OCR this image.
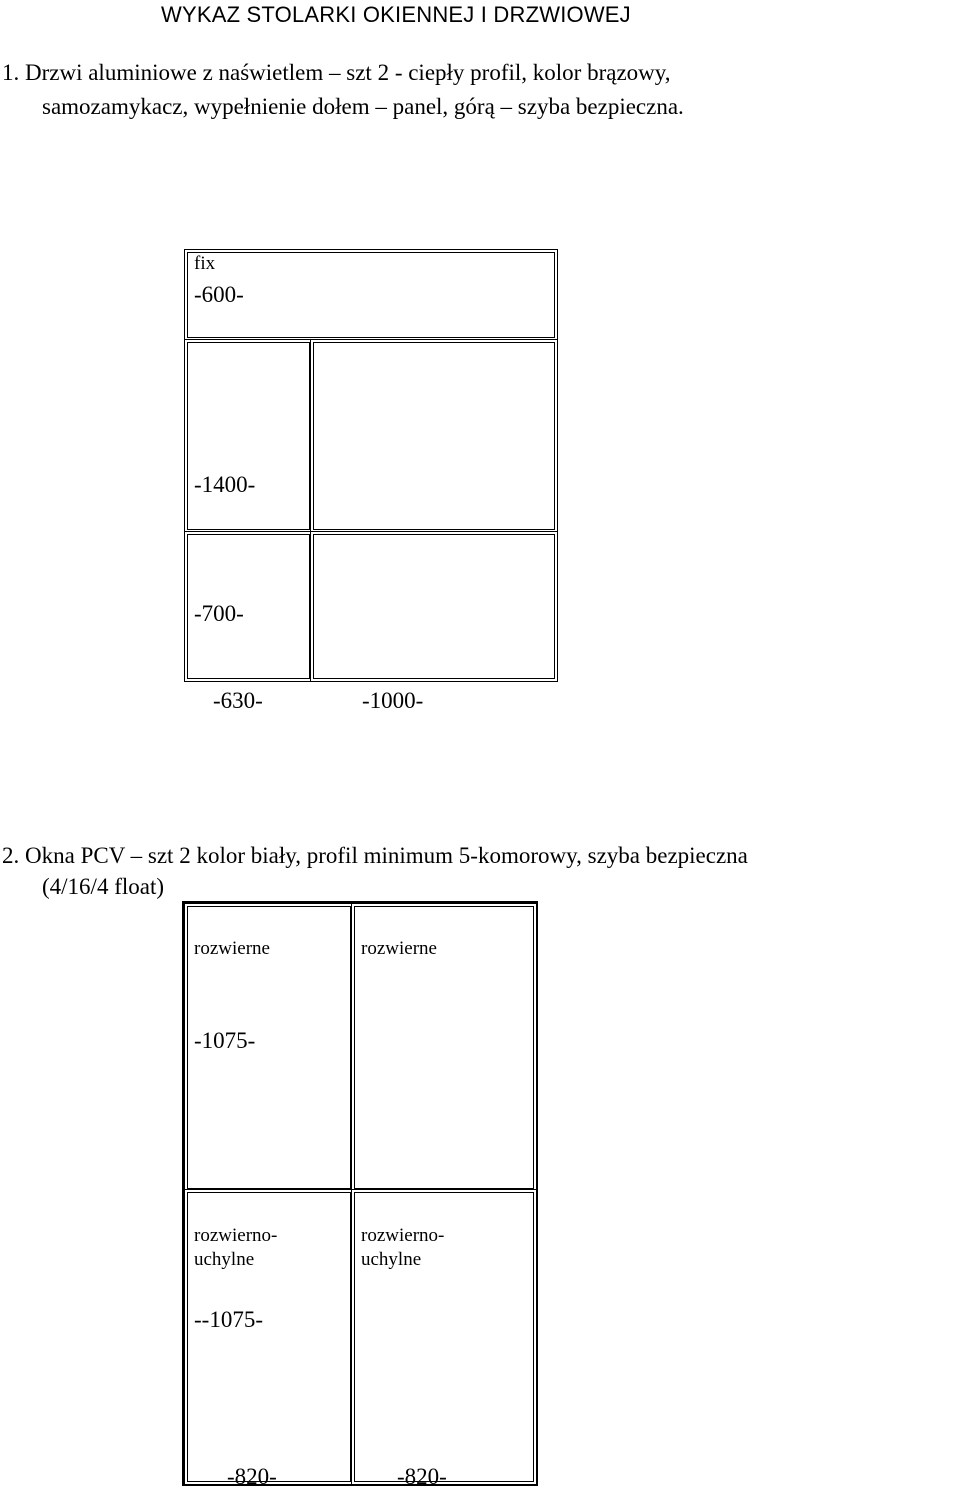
WYKAZ STOLARKI OKIENNEJ I DRZWIOWEJ
1. Drzwi aluminiowe z naświetlem – szt 2 - ciepły profil, kolor brązowy,
samozamykacz, wypełnienie dołem – panel, górą – szyba bezpieczna.
fix
-600-
-1400-
-700-
-630-	-1000-
2. Okna PCV – szt 2 kolor biały, profil minimum 5-komorowy, szyba bezpieczna
(4/16/4 float)
rozwierne	rozwierne
-1075-
rozwierno-
uchylne
rozwierno-
uchylne
--1075-
-820-	-820-
